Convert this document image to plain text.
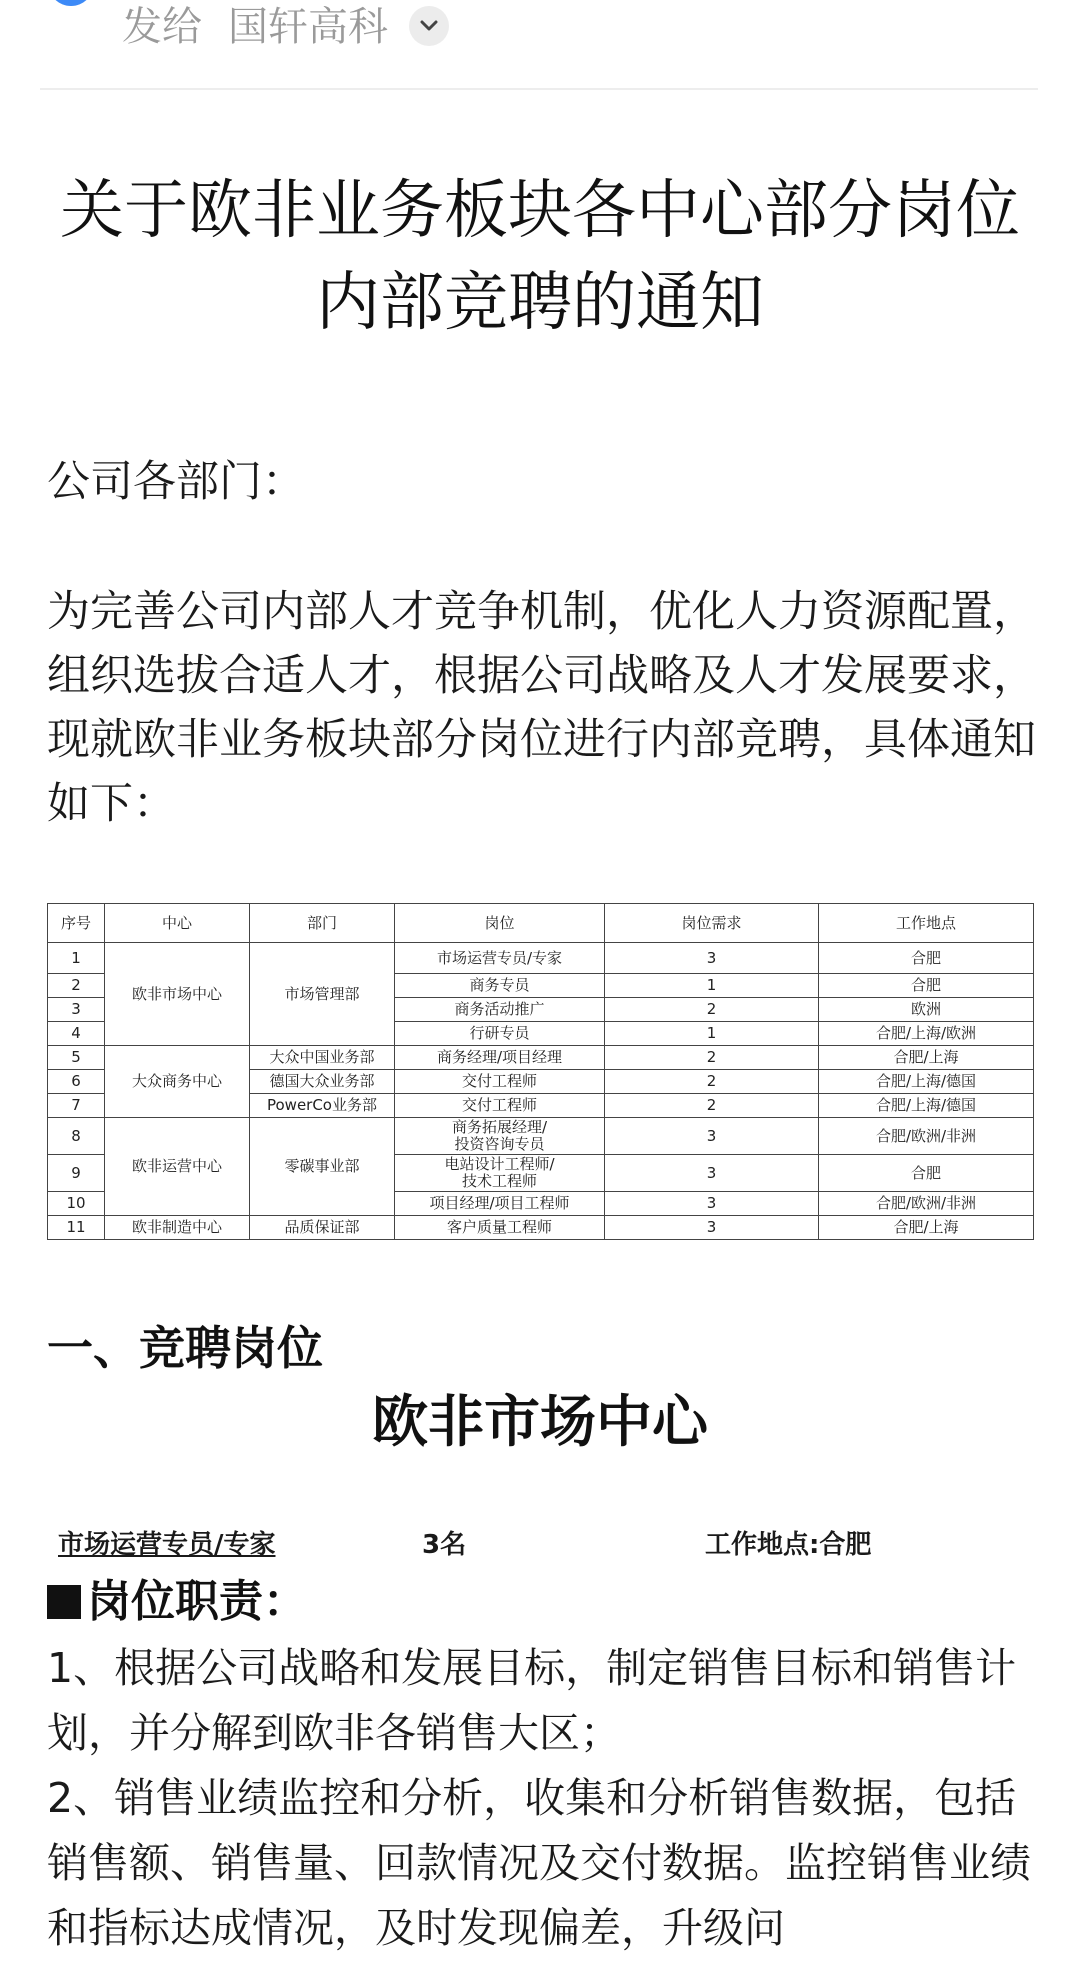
发给 国轩高科
关于欧非业务板块各中心部分岗位
内部竞聘的通知
公司各部门：
为完善公司内部人才竞争机制，优化人力资源配置，组织选拔合适人才，根据公司战略及人才发展要求，现就欧非业务板块部分岗位进行内部竞聘，具体通知如下：
序号	中心	部门	岗位	岗位需求	工作地点
1	欧非市场中心	市场管理部	市场运营专员/专家	3	合肥
2			商务专员	1	合肥
3			商务活动推广	2	欧洲
4			行研专员	1	合肥/上海/欧洲
5	大众商务中心	大众中国业务部	商务经理/项目经理	2	合肥/上海
6		德国大众业务部	交付工程师	2	合肥/上海/德国
7		PowerCo业务部	交付工程师	2	合肥/上海/德国
8	欧非运营中心	零碳事业部	商务拓展经理/
投资咨询专员	3	合肥/欧洲/非洲
9			电站设计工程师/
技术工程师	3	合肥
10			项目经理/项目工程师	3	合肥/欧洲/非洲
11	欧非制造中心	品质保证部	客户质量工程师	3	合肥/上海
一、竞聘岗位
欧非市场中心
市场运营专员/专家	3名	工作地点:合肥
岗位职责：

1、根据公司战略和发展目标，制定销售目标和销售计划，并分解到欧非各销售大区；

2、销售业绩监控和分析，收集和分析销售数据，包括销售额、销售量、回款情况及交付数据。监控销售业绩和指标达成情况，及时发现偏差，升级问
